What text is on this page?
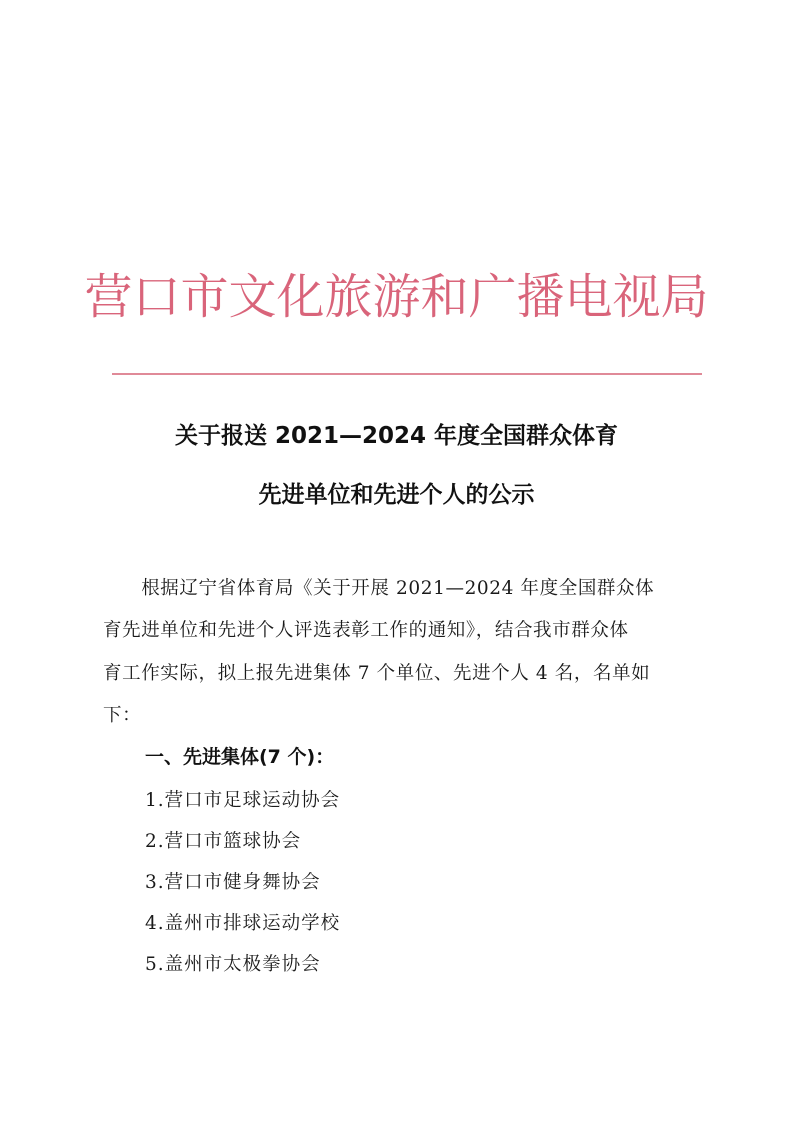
营口市文化旅游和广播电视局
关于报送 2021—2024 年度全国群众体育
先进单位和先进个人的公示
　　根据辽宁省体育局《关于开展 2021—2024 年度全国群众体
育先进单位和先进个人评选表彰工作的通知》，结合我市群众体
育工作实际，拟上报先进集体 7 个单位、先进个人 4 名，名单如
下：
一、先进集体(7 个)：
1.营口市足球运动协会
2.营口市篮球协会
3.营口市健身舞协会
4.盖州市排球运动学校
5.盖州市太极拳协会
